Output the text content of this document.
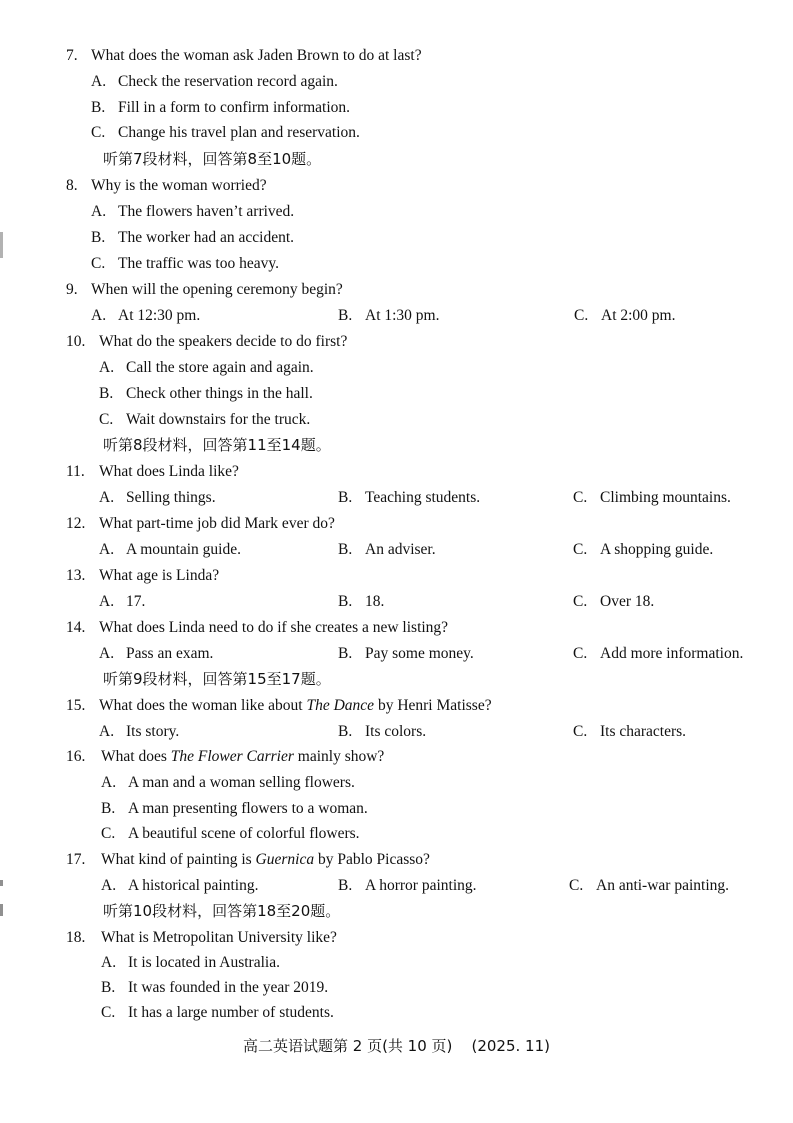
7. What does the woman ask Jaden Brown to do at last?
A. Check the reservation record again.
B. Fill in a form to confirm information.
C. Change his travel plan and reservation.
听第7段材料，回答第8至10题。
8. Why is the woman worried?
A. The flowers haven’t arrived.
B. The worker had an accident.
C. The traffic was too heavy.
9. When will the opening ceremony begin?
A. At 12:30 pm.	B. At 1:30 pm.	C. At 2:00 pm.
10. What do the speakers decide to do first?
A. Call the store again and again.
B. Check other things in the hall.
C. Wait downstairs for the truck.
听第8段材料，回答第11至14题。
11. What does Linda like?
A. Selling things.	B. Teaching students.	C. Climbing mountains.
12. What part-time job did Mark ever do?
A. A mountain guide.	B. An adviser.	C. A shopping guide.
13. What age is Linda?
A. 17.	B. 18.	C. Over 18.
14. What does Linda need to do if she creates a new listing?
A. Pass an exam.	B. Pay some money.	C. Add more information.
听第9段材料，回答第15至17题。
15. What does the woman like about The Dance by Henri Matisse?
A. Its story.	B. Its colors.	C. Its characters.
16. What does The Flower Carrier mainly show?
A. A man and a woman selling flowers.
B. A man presenting flowers to a woman.
C. A beautiful scene of colorful flowers.
17. What kind of painting is Guernica by Pablo Picasso?
A. A historical painting.	B. A horror painting.	C. An anti-war painting.
听第10段材料，回答第18至20题。
18. What is Metropolitan University like?
A. It is located in Australia.
B. It was founded in the year 2019.
C. It has a large number of students.
高二英语试题第 2 页(共 10 页) (2025. 11)
